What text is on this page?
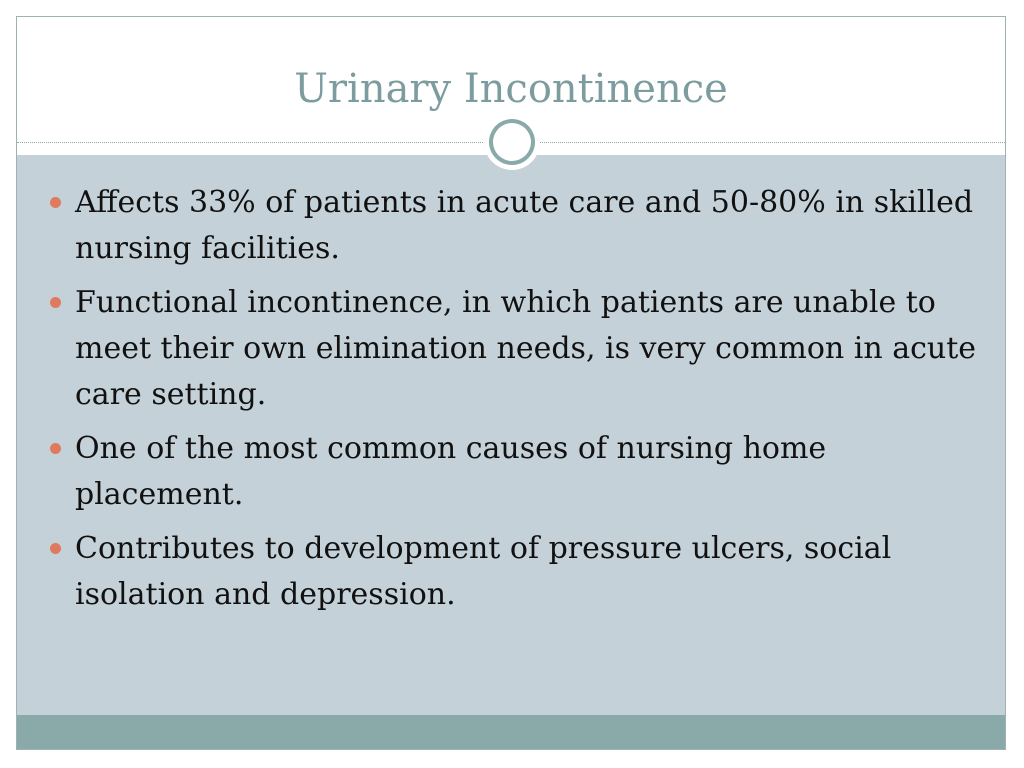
Urinary Incontinence
Affects 33% of patients in acute care and 50-80% in skilled nursing facilities.
Functional incontinence, in which patients are unable to meet their own elimination needs, is very common in acute care setting.
One of the most common causes of nursing home placement.
Contributes to development of pressure ulcers, social isolation and depression.
